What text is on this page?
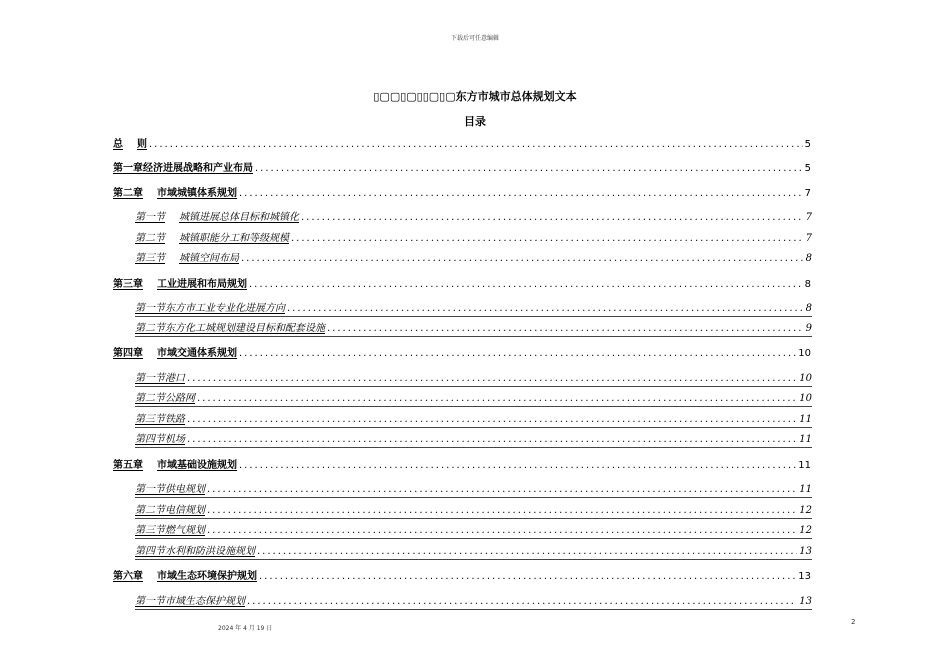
下载后可任意编辑
▯▢▢▯▢▯▯▢▯▢东方市城市总体规划文本
目录
总 则 .....	5
第一章经济进展战略和产业布局 .....	5
第二章 市域城镇体系规划 .....	7
第一节 城镇进展总体目标和城镇化 .....	7
第二节 城镇职能分工和等级规模 .....	7
第三节 城镇空间布局 .....	8
第三章 工业进展和布局规划 .....	8
第一节东方市工业专业化进展方向 .....	8
第二节东方化工城规划建设目标和配套设施 .....	9
第四章 市域交通体系规划 .....	10
第一节港口 .....	10
第二节公路网 .....	10
第三节铁路 .....	11
第四节机场 .....	11
第五章 市域基础设施规划 .....	11
第一节供电规划 .....	11
第二节电信规划 .....	12
第三节燃气规划 .....	12
第四节水利和防洪设施规划 .....	13
第六章 市域生态环境保护规划 .....	13
第一节市域生态保护规划 .....	13
2024 年 4 月 19 日
2
